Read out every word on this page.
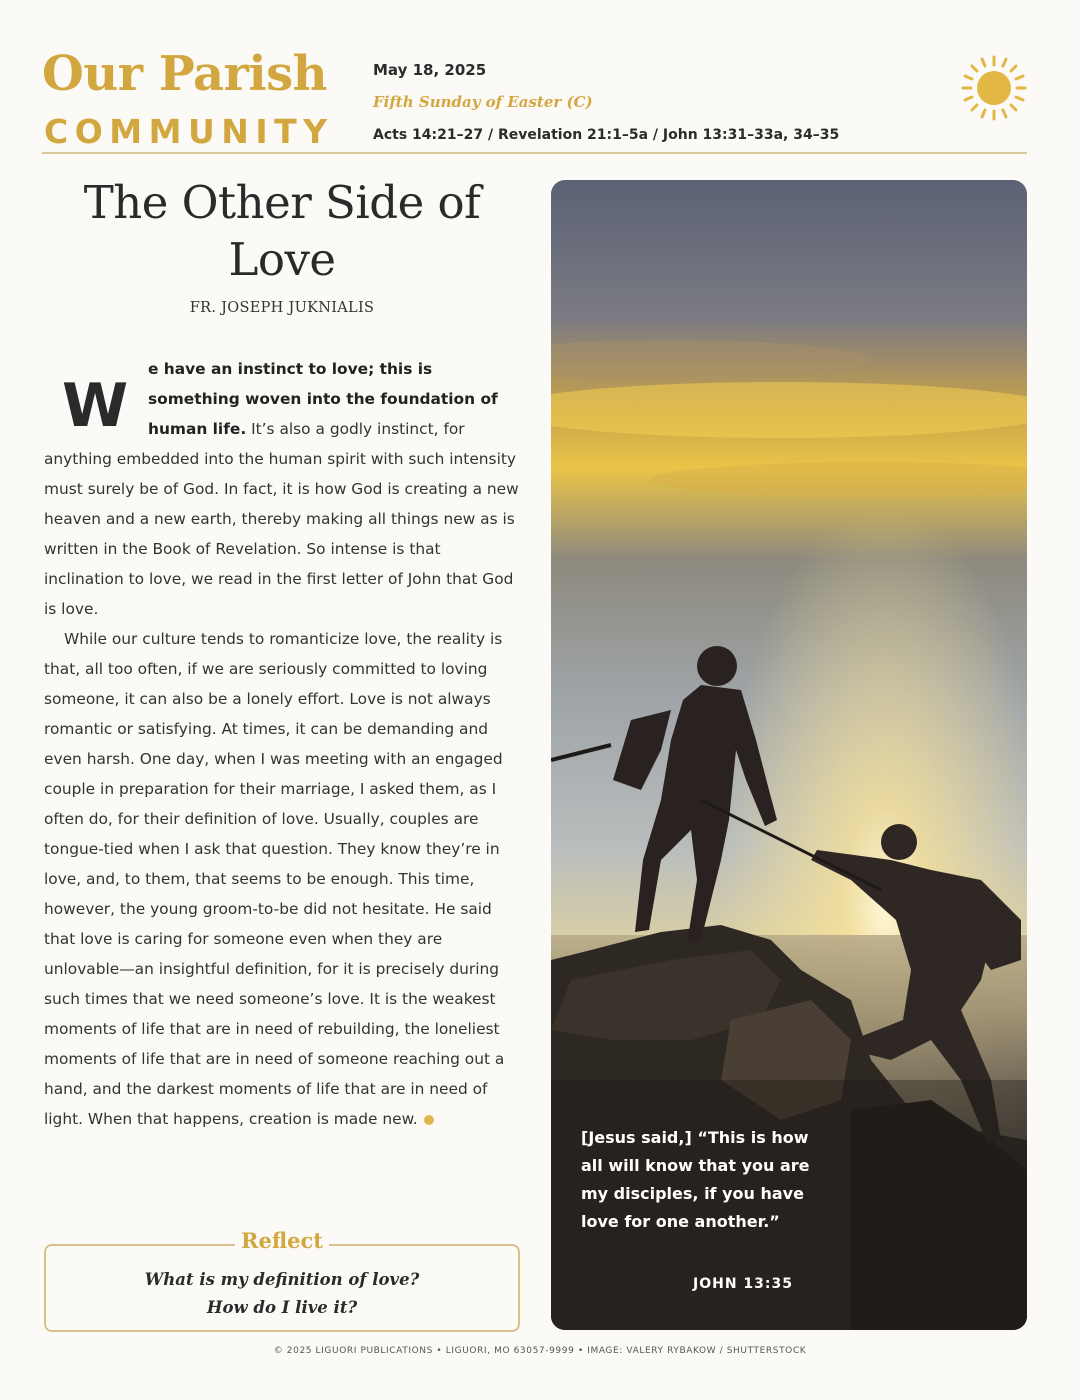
Our Parish
COMMUNITY
May 18, 2025
Fifth Sunday of Easter (C)
Acts 14:21–27 / Revelation 21:1–5a / John 13:31–33a, 34–35
The Other Side of Love
FR. JOSEPH JUKNIALIS
W
e have an instinct to love; this is something woven into the foundation of human life. It’s also a godly instinct, for

anything embedded into the human spirit with such intensity must surely be of God. In fact, it is how God is creating a new heaven and a new earth, thereby making all things new as is written in the Book of Revelation. So intense is that inclination to love, we read in the first letter of John that God is love.

While our culture tends to romanticize love, the reality is that, all too often, if we are seriously committed to loving someone, it can also be a lonely effort. Love is not always romantic or satisfying. At times, it can be demanding and even harsh. One day, when I was meeting with an engaged couple in preparation for their marriage, I asked them, as I often do, for their definition of love. Usually, couples are tongue-tied when I ask that question. They know they’re in love, and, to them, that seems to be enough. This time, however, the young groom-to-be did not hesitate. He said that love is caring for someone even when they are unlovable—an insightful definition, for it is precisely during such times that we need someone’s love. It is the weakest moments of life that are in need of rebuilding, the loneliest moments of life that are in need of someone reaching out a hand, and the darkest moments of life that are in need of light. When that happens, creation is made new.

Reflect
What is my definition of love?
How do I live it?
[Jesus said,] “This is how all will know that you are my disciples, if you have love for one another.”
JOHN 13:35
© 2025 LIGUORI PUBLICATIONS • LIGUORI, MO 63057-9999 • IMAGE: VALERY RYBAKOW / SHUTTERSTOCK
